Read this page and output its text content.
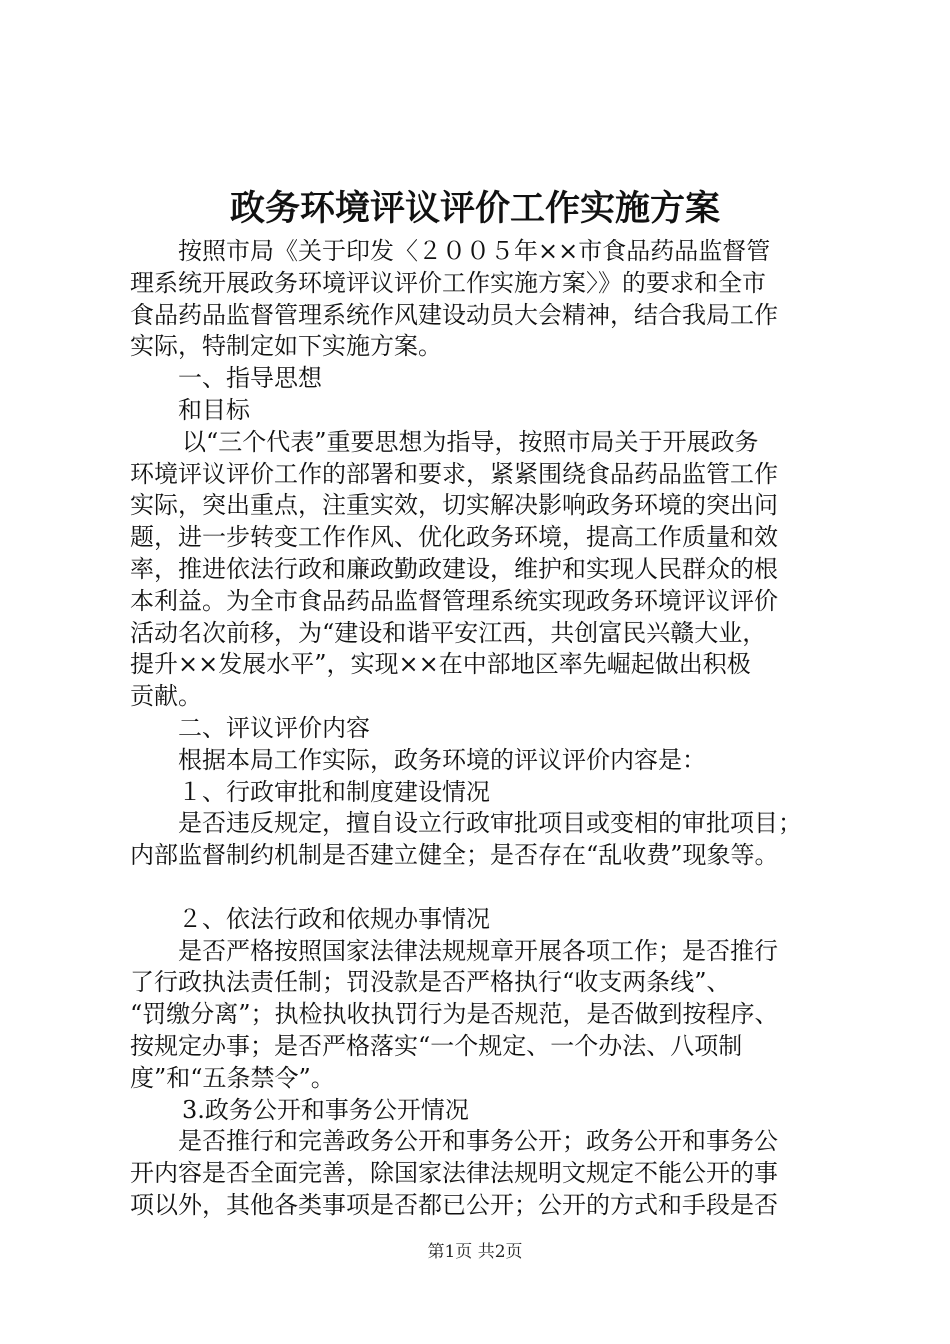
政务环境评议评价工作实施方案
按照市局《关于印发〈２００５年××市食品药品监督管
理系统开展政务环境评议评价工作实施方案〉》的要求和全市
食品药品监督管理系统作风建设动员大会精神，结合我局工作
实际，特制定如下实施方案。
一、指导思想
和目标
以“三个代表”重要思想为指导，按照市局关于开展政务
环境评议评价工作的部署和要求，紧紧围绕食品药品监管工作
实际，突出重点，注重实效，切实解决影响政务环境的突出问
题，进一步转变工作作风、优化政务环境，提高工作质量和效
率，推进依法行政和廉政勤政建设，维护和实现人民群众的根
本利益。为全市食品药品监督管理系统实现政务环境评议评价
活动名次前移，为“建设和谐平安江西，共创富民兴赣大业，
提升××发展水平”，实现××在中部地区率先崛起做出积极
贡献。
二、评议评价内容
根据本局工作实际，政务环境的评议评价内容是：
１、行政审批和制度建设情况
是否违反规定，擅自设立行政审批项目或变相的审批项目；
内部监督制约机制是否建立健全；是否存在“乱收费”现象等。
２、依法行政和依规办事情况
是否严格按照国家法律法规规章开展各项工作；是否推行
了行政执法责任制；罚没款是否严格执行“收支两条线”、
“罚缴分离”；执检执收执罚行为是否规范，是否做到按程序、
按规定办事；是否严格落实“一个规定、一个办法、八项制
度”和“五条禁令”。
3.政务公开和事务公开情况
是否推行和完善政务公开和事务公开；政务公开和事务公
开内容是否全面完善，除国家法律法规明文规定不能公开的事
项以外，其他各类事项是否都已公开；公开的方式和手段是否
第1页 共2页
